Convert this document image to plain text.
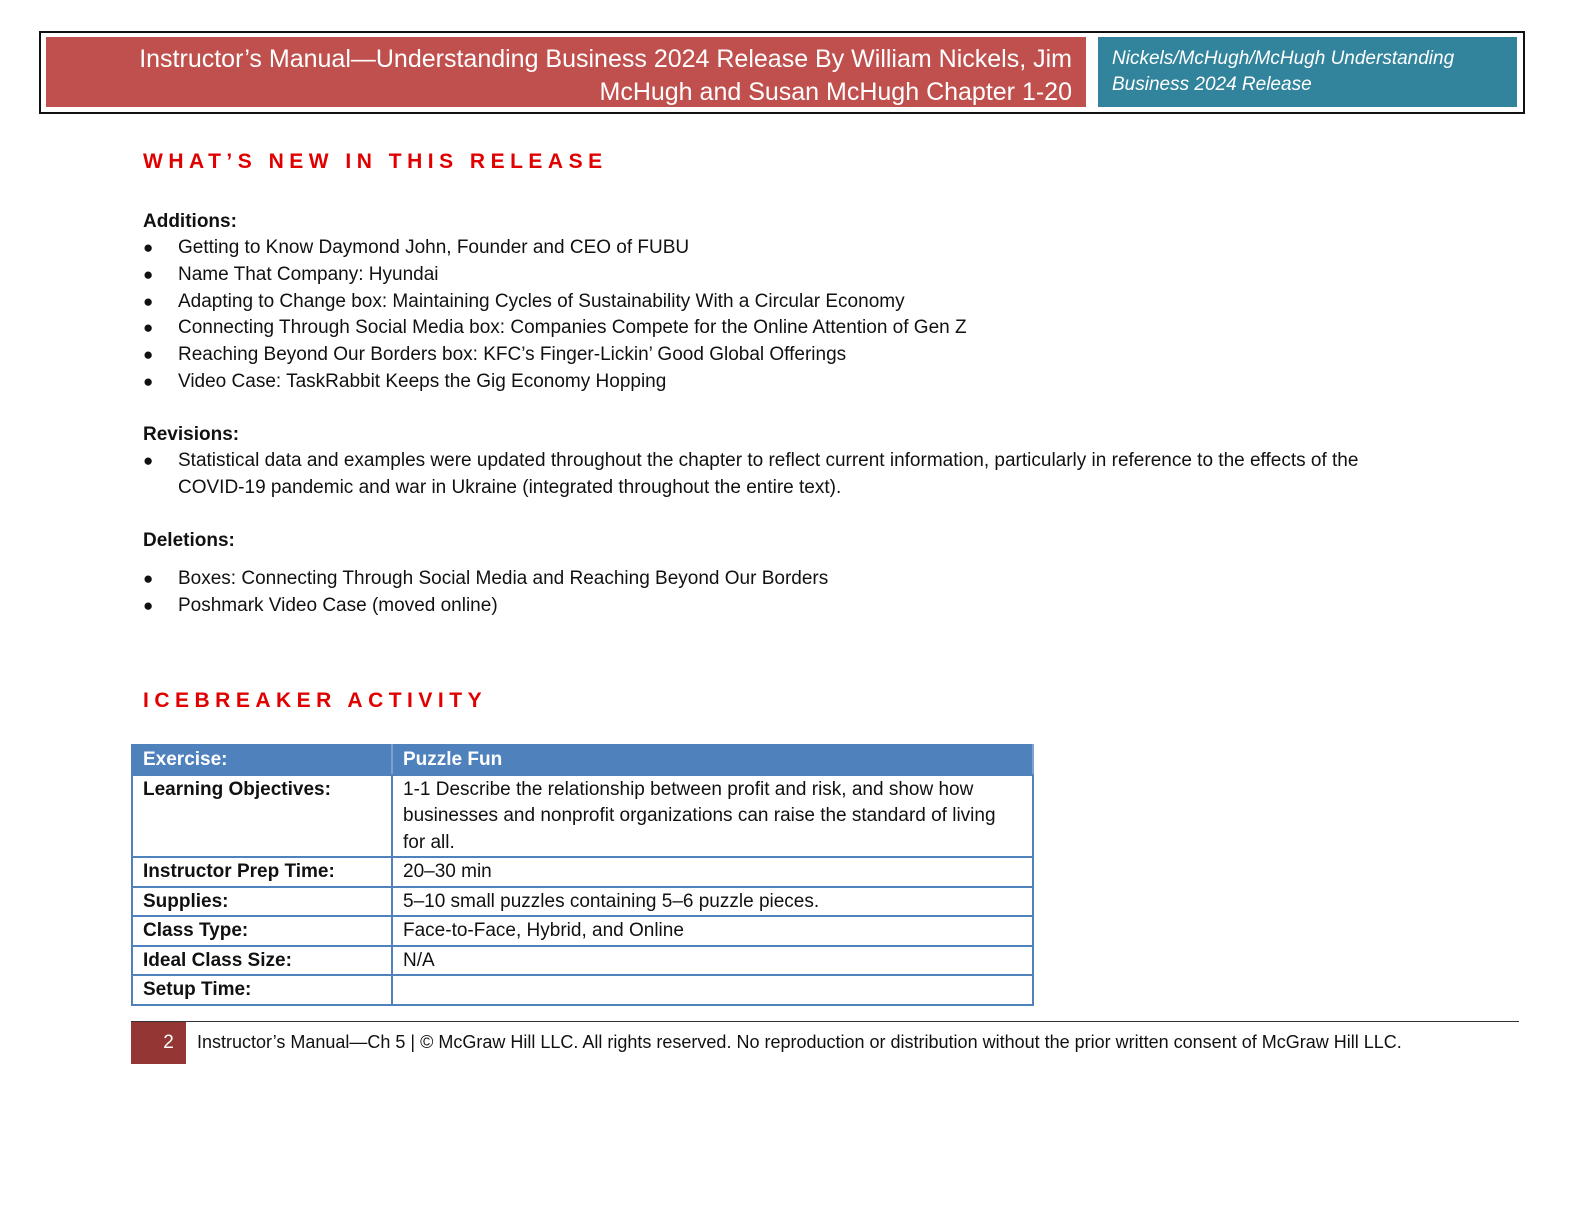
Instructor’s Manual—Understanding Business 2024 Release By William Nickels, Jim McHugh and Susan McHugh Chapter 1-20
Nickels/McHugh/McHugh Understanding Business 2024 Release
WHAT’S NEW IN THIS RELEASE

Additions:

● Getting to Know Daymond John, Founder and CEO of FUBU
● Name That Company: Hyundai
● Adapting to Change box: Maintaining Cycles of Sustainability With a Circular Economy
● Connecting Through Social Media box: Companies Compete for the Online Attention of Gen Z
● Reaching Beyond Our Borders box: KFC’s Finger-Lickin’ Good Global Offerings
● Video Case: TaskRabbit Keeps the Gig Economy Hopping

Revisions:

● Statistical data and examples were updated throughout the chapter to reflect current information, particularly in reference to the effects of the COVID-19 pandemic and war in Ukraine (integrated throughout the entire text).

Deletions:

● Boxes: Connecting Through Social Media and Reaching Beyond Our Borders
● Poshmark Video Case (moved online)
ICEBREAKER ACTIVITY
Exercise:	Puzzle Fun
Learning Objectives:	1-1 Describe the relationship between profit and risk, and show how businesses and nonprofit organizations can raise the standard of living for all.
Instructor Prep Time:	20–30 min
Supplies:	5–10 small puzzles containing 5–6 puzzle pieces.
Class Type:	Face-to-Face, Hybrid, and Online
Ideal Class Size:	N/A
Setup Time:	
2	Instructor’s Manual—Ch 5 | © McGraw Hill LLC. All rights reserved. No reproduction or distribution without the prior written consent of McGraw Hill LLC.
